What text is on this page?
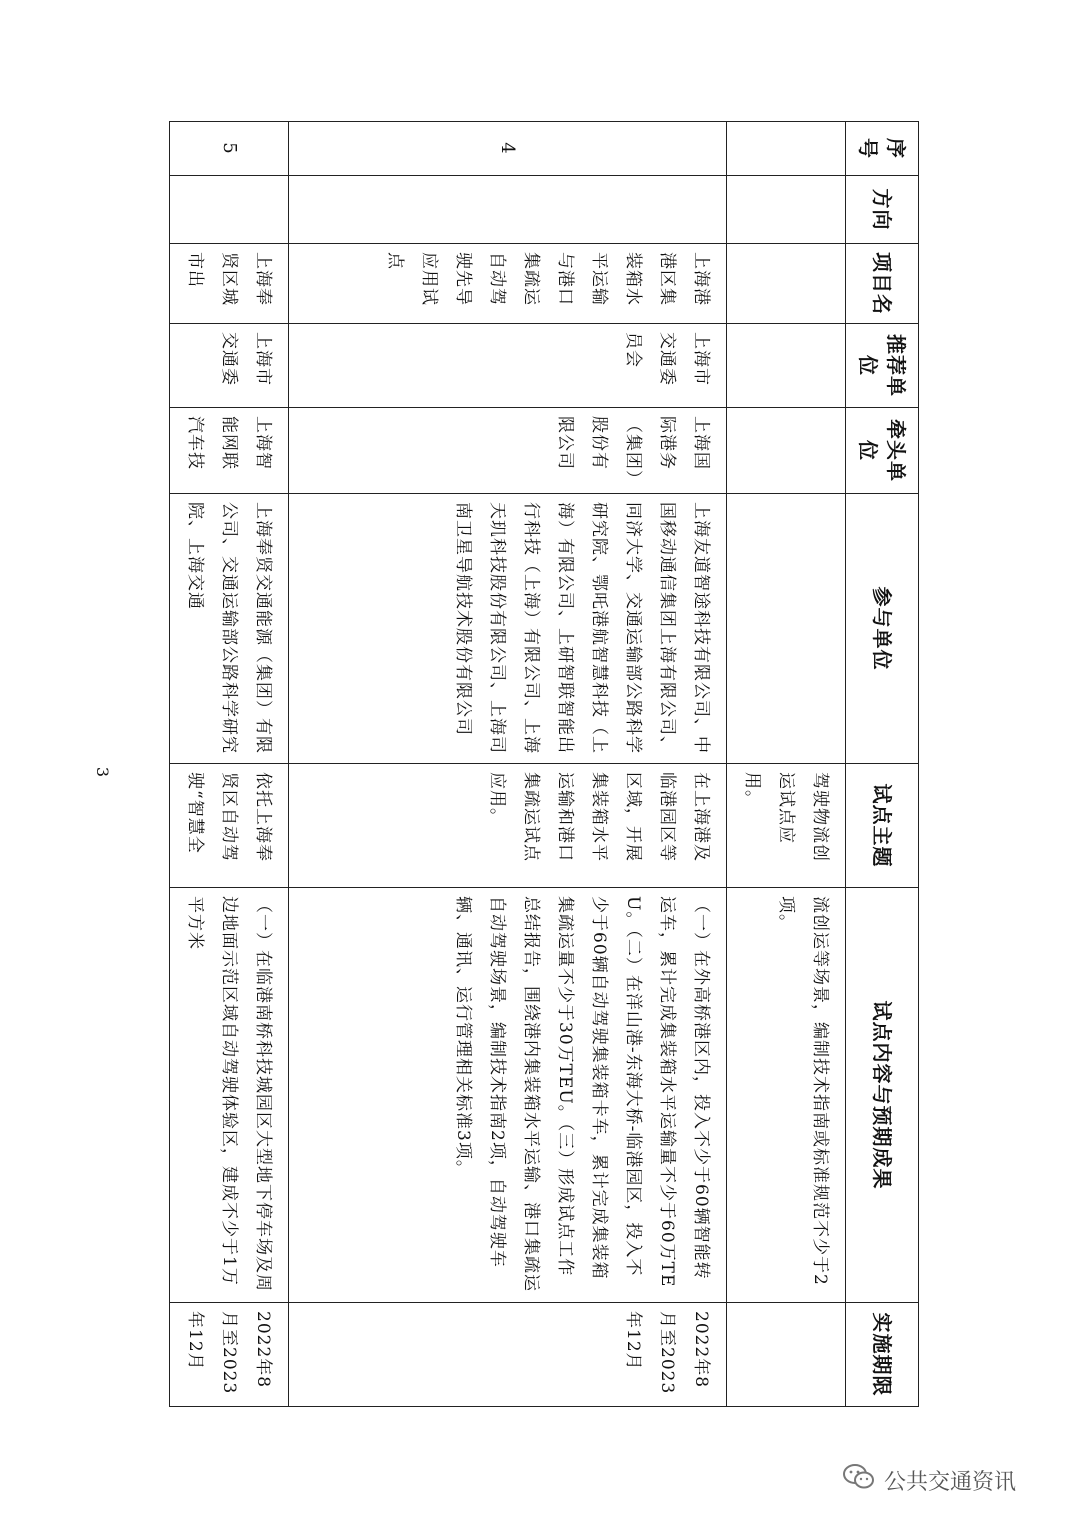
序号	方向	项目名	推荐单位	牵头单位	参与单位	试点主题	试点内容与预期成果	实施期限
						驾驶物流创运试点应用。	流创运等场景，编制技术指南或标准规范不少于2项。	
4		上海港港区集装箱水平运输与港口集疏运自动驾驶先导应用试点	上海市交通委员会	上海国际港务（集团）股份有限公司	上海友道智途科技有限公司、中国移动通信集团上海有限公司、同济大学、交通运输部公路科学研究院、鄂吒港航智慧科技（上海）有限公司、上研智联智能出行科技（上海）有限公司、上海天玑科技股份有限公司、上海司南卫星导航技术股份有限公司	在上海港及临港园区等区域，开展集装箱水平运输和港口集疏运试点应用。	（一）在外高桥港区内，投入不少于60辆智能转运车，累计完成集装箱水平运输量不少于60万TEU。（二）在洋山港-东海大桥-临港园区，投入不少于60辆自动驾驶集装箱卡车，累计完成集装箱集疏运量不少于30万TEU。（三）形成试点工作总结报告，围绕港内集装箱水平运输、港口集疏运自动驾驶场景，编制技术指南2项，自动驾驶车辆、通讯、运行管理相关标准3项。	2022年8月至2023年12月
5		上海奉贤区城市出	上海市交通委	上海智能网联汽车技	上海奉贤交通能源（集团）有限公司、交通运输部公路科学研究院、上海交通	依托上海奉贤区自动驾驶“智慧全	（一）在临港南桥科技城园区大型地下停车场及周边地面示范区域自动驾驶体验区，建成不少于1万平方米	2022年8月至2023年12月
3
公共交通资讯
